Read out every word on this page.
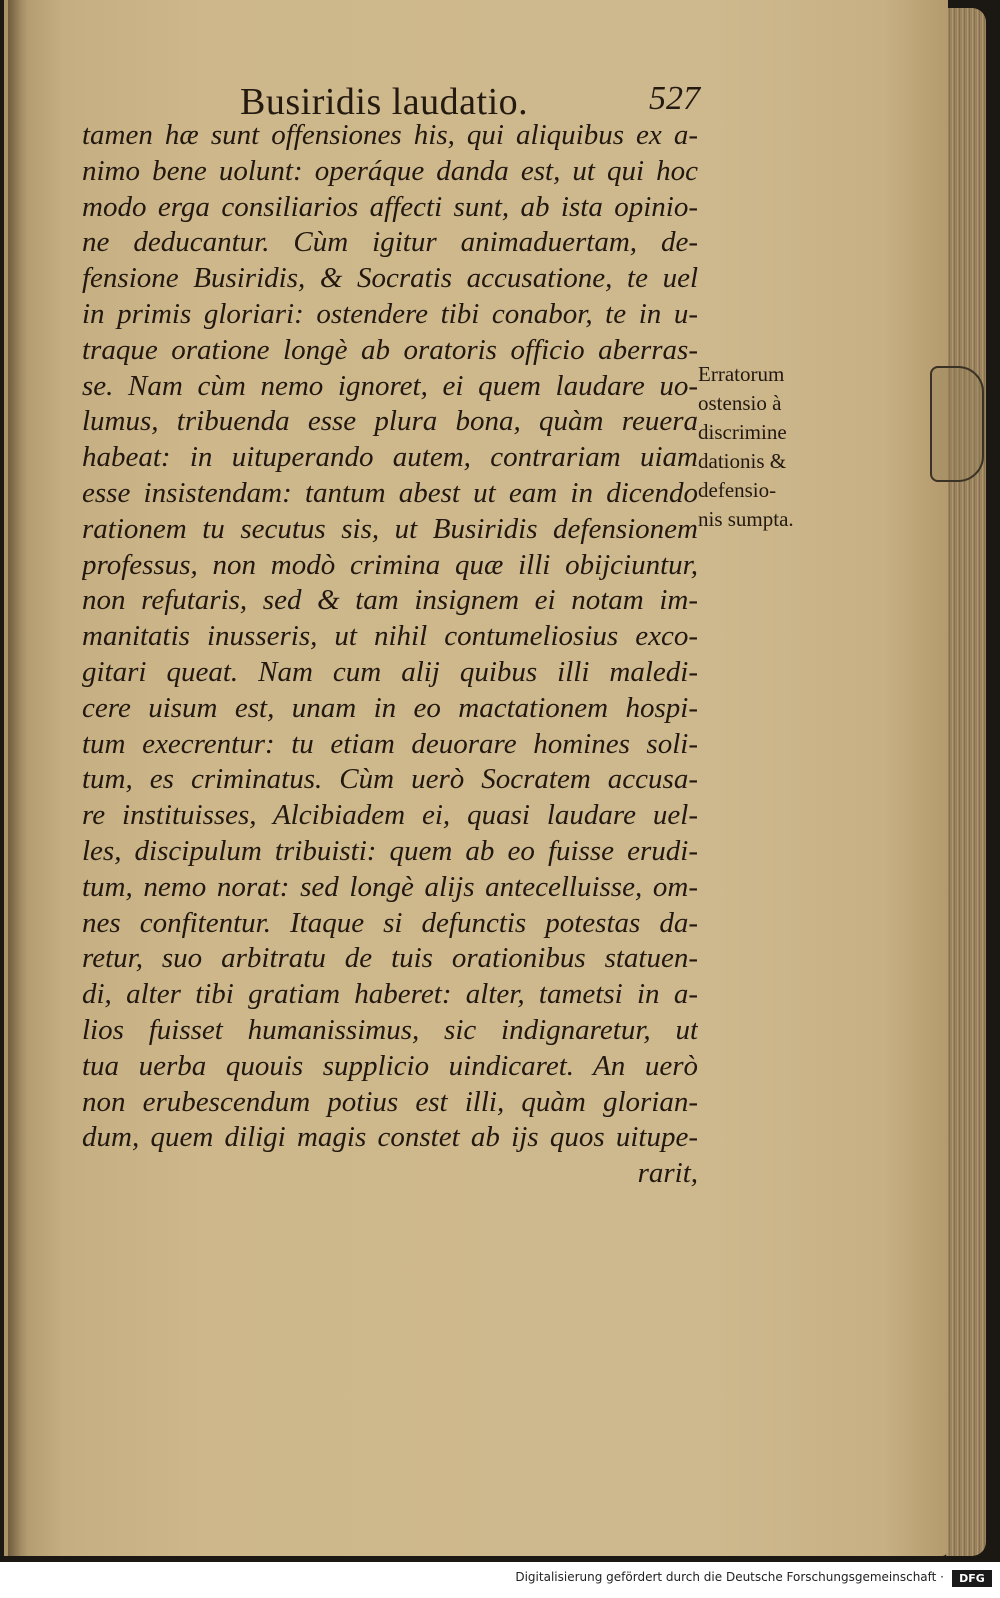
Busiridis laudatio.	527
tamen hæ sunt offensiones his, qui aliquibus ex a-
nimo bene uolunt: operáque danda est, ut qui hoc
modo erga consiliarios affecti sunt, ab ista opinio-
ne deducantur. Cùm igitur animaduertam, de-
fensione Busiridis, & Socratis accusatione, te uel
in primis gloriari: ostendere tibi conabor, te in u-
traque oratione longè ab oratoris officio aberras-
se. Nam cùm nemo ignoret, ei quem laudare uo-
lumus, tribuenda esse plura bona, quàm reuera
habeat: in uituperando autem, contrariam uiam
esse insistendam: tantum abest ut eam in dicendo
rationem tu secutus sis, ut Busiridis defensionem
professus, non modò crimina quæ illi obijciuntur,
non refutaris, sed & tam insignem ei notam im-
manitatis inusseris, ut nihil contumeliosius exco-
gitari queat. Nam cum alij quibus illi maledi-
cere uisum est, unam in eo mactationem hospi-
tum execrentur: tu etiam deuorare homines soli-
tum, es criminatus. Cùm uerò Socratem accusa-
re instituisses, Alcibiadem ei, quasi laudare uel-
les, discipulum tribuisti: quem ab eo fuisse erudi-
tum, nemo norat: sed longè alijs antecelluisse, om-
nes confitentur. Itaque si defunctis potestas da-
retur, suo arbitratu de tuis orationibus statuen-
di, alter tibi gratiam haberet: alter, tametsi in a-
lios fuisset humanissimus, sic indignaretur, ut
tua uerba quouis supplicio uindicaret. An uerò
non erubescendum potius est illi, quàm glorian-
dum, quem diligi magis constet ab ijs quos uitupe-
rarit,
Erratorum
ostensio à
discrimine
dationis &
defensio-
nis sumpta.
Digitalisierung gefördert durch die Deutsche Forschungsgemeinschaft ·	DFG
